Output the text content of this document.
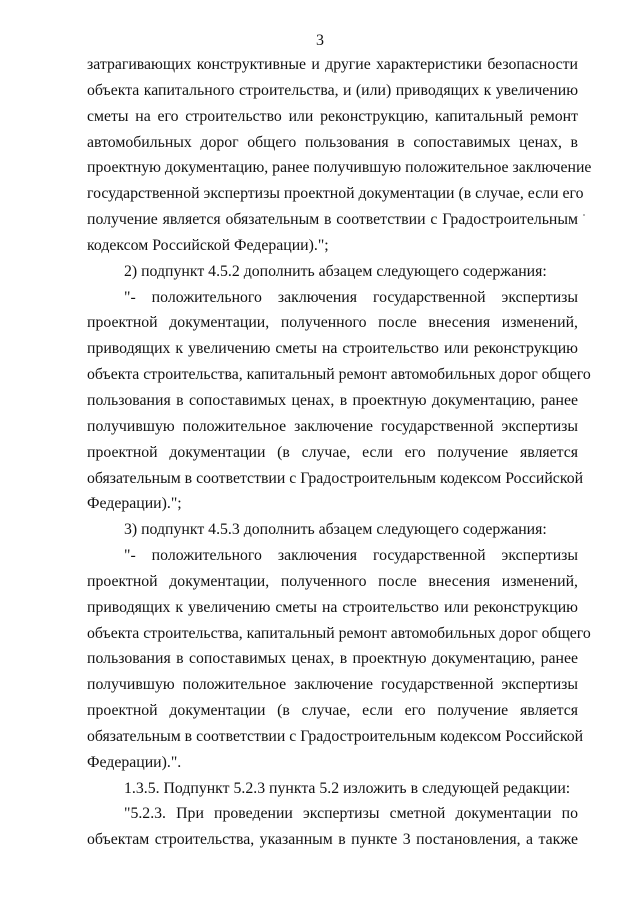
3
затрагивающих конструктивные и другие характеристики безопасности
объекта капитального строительства, и (или) приводящих к увеличению
сметы на его строительство или реконструкцию, капитальный ремонт
автомобильных дорог общего пользования в сопоставимых ценах, в
проектную документацию, ранее получившую положительное заключение
государственной экспертизы проектной документации (в случае, если его
получение является обязательным в соответствии с Градостроительным
кодексом Российской Федерации).";
2) подпункт 4.5.2 дополнить абзацем следующего содержания:
"- положительного заключения государственной экспертизы
проектной документации, полученного после внесения изменений,
приводящих к увеличению сметы на строительство или реконструкцию
объекта строительства, капитальный ремонт автомобильных дорог общего
пользования в сопоставимых ценах, в проектную документацию, ранее
получившую положительное заключение государственной экспертизы
проектной документации (в случае, если его получение является
обязательным в соответствии с Градостроительным кодексом Российской
Федерации).";
3) подпункт 4.5.3 дополнить абзацем следующего содержания:
"- положительного заключения государственной экспертизы
проектной документации, полученного после внесения изменений,
приводящих к увеличению сметы на строительство или реконструкцию
объекта строительства, капитальный ремонт автомобильных дорог общего
пользования в сопоставимых ценах, в проектную документацию, ранее
получившую положительное заключение государственной экспертизы
проектной документации (в случае, если его получение является
обязательным в соответствии с Градостроительным кодексом Российской
Федерации).".
1.3.5. Подпункт 5.2.3 пункта 5.2 изложить в следующей редакции:
"5.2.3. При проведении экспертизы сметной документации по
объектам строительства, указанным в пункте 3 постановления, а также
